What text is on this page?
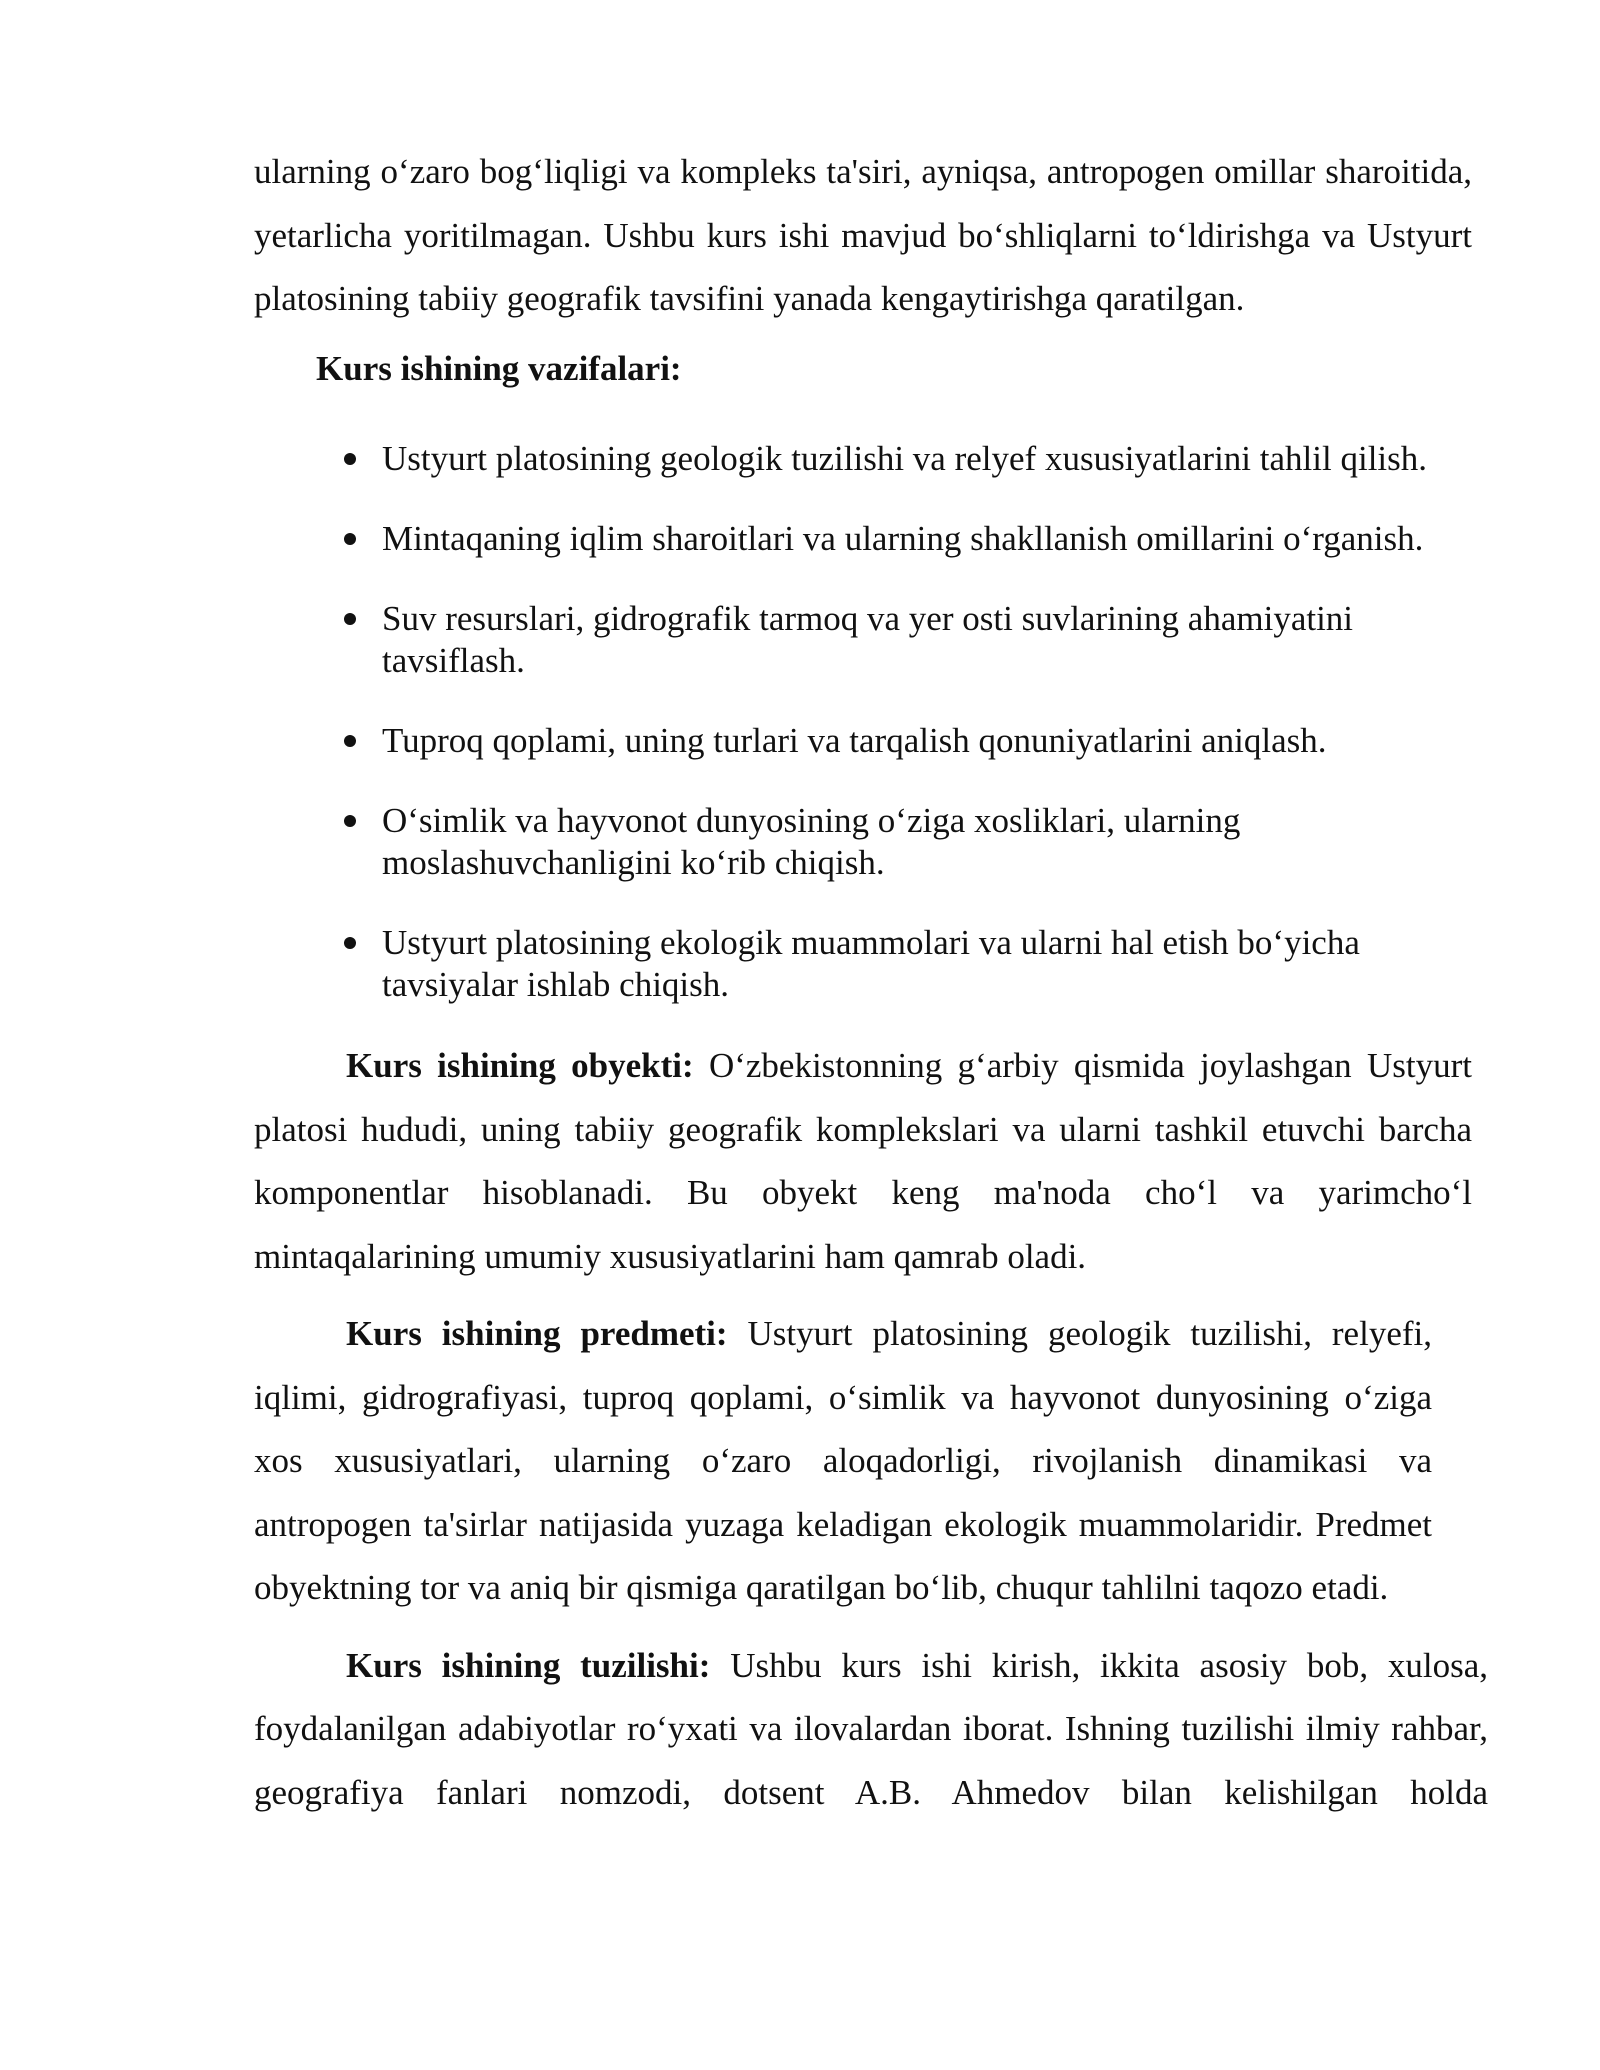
ularning oʻzaro bogʻliqligi va kompleks ta'siri, ayniqsa, antropogen omillar sharoitida, yetarlicha yoritilmagan. Ushbu kurs ishi mavjud boʻshliqlarni toʻldirishga va Ustyurt platosining tabiiy geografik tavsifini yanada kengaytirishga qaratilgan.

Kurs ishining vazifalari:
Ustyurt platosining geologik tuzilishi va relyef xususiyatlarini tahlil qilish.
Mintaqaning iqlim sharoitlari va ularning shakllanish omillarini oʻrganish.
Suv resurslari, gidrografik tarmoq va yer osti suvlarining ahamiyatini tavsiflash.
Tuproq qoplami, uning turlari va tarqalish qonuniyatlarini aniqlash.
Oʻsimlik va hayvonot dunyosining oʻziga xosliklari, ularning moslashuvchanligini koʻrib chiqish.
Ustyurt platosining ekologik muammolari va ularni hal etish boʻyicha tavsiyalar ishlab chiqish.

Kurs ishining obyekti: Oʻzbekistonning gʻarbiy qismida joylashgan Ustyurt platosi hududi, uning tabiiy geografik komplekslari va ularni tashkil etuvchi barcha komponentlar hisoblanadi. Bu obyekt keng ma'noda choʻl va yarimchoʻl mintaqalarining umumiy xususiyatlarini ham qamrab oladi.

Kurs ishining predmeti: Ustyurt platosining geologik tuzilishi, relyefi, iqlimi, gidrografiyasi, tuproq qoplami, oʻsimlik va hayvonot dunyosining oʻziga xos xususiyatlari, ularning oʻzaro aloqadorligi, rivojlanish dinamikasi va antropogen ta'sirlar natijasida yuzaga keladigan ekologik muammolaridir. Predmet obyektning tor va aniq bir qismiga qaratilgan boʻlib, chuqur tahlilni taqozo etadi.

Kurs ishining tuzilishi: Ushbu kurs ishi kirish, ikkita asosiy bob, xulosa, foydalanilgan adabiyotlar roʻyxati va ilovalardan iborat. Ishning tuzilishi ilmiy rahbar, geografiya fanlari nomzodi, dotsent A.B. Ahmedov bilan kelishilgan holda
